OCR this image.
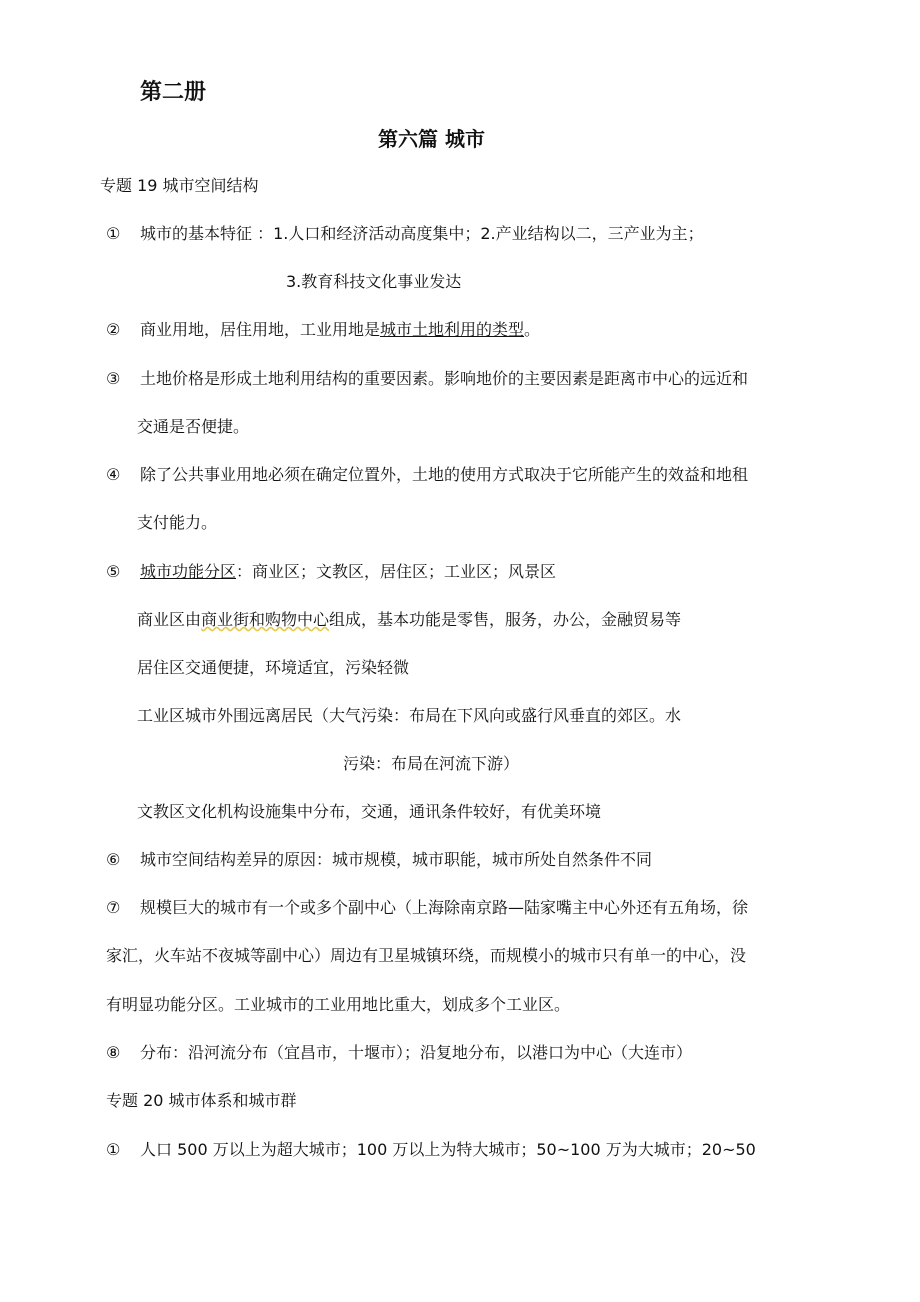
第二册
第六篇 城市
专题 19 城市空间结构
① 城市的基本特征 ：1.人口和经济活动高度集中；2.产业结构以二，三产业为主；
3.教育科技文化事业发达
② 商业用地，居住用地，工业用地是城市土地利用的类型。
③ 土地价格是形成土地利用结构的重要因素。影响地价的主要因素是距离市中心的远近和
交通是否便捷。
④ 除了公共事业用地必须在确定位置外，土地的使用方式取决于它所能产生的效益和地租
支付能力。
⑤ 城市功能分区：商业区；文教区，居住区；工业区；风景区
商业区由商业街和购物中心组成，基本功能是零售，服务，办公，金融贸易等
居住区交通便捷，环境适宜，污染轻微
工业区城市外围远离居民（大气污染：布局在下风向或盛行风垂直的郊区。水
污染：布局在河流下游）
文教区文化机构设施集中分布，交通，通讯条件较好，有优美环境
⑥ 城市空间结构差异的原因：城市规模，城市职能，城市所处自然条件不同
⑦ 规模巨大的城市有一个或多个副中心（上海除南京路—陆家嘴主中心外还有五角场，徐
家汇，火车站不夜城等副中心）周边有卫星城镇环绕，而规模小的城市只有单一的中心，没
有明显功能分区。工业城市的工业用地比重大，划成多个工业区。
⑧ 分布：沿河流分布（宜昌市，十堰市）；沿复地分布，以港口为中心（大连市）
专题 20 城市体系和城市群
① 人口 500 万以上为超大城市；100 万以上为特大城市；50~100 万为大城市；20~50
